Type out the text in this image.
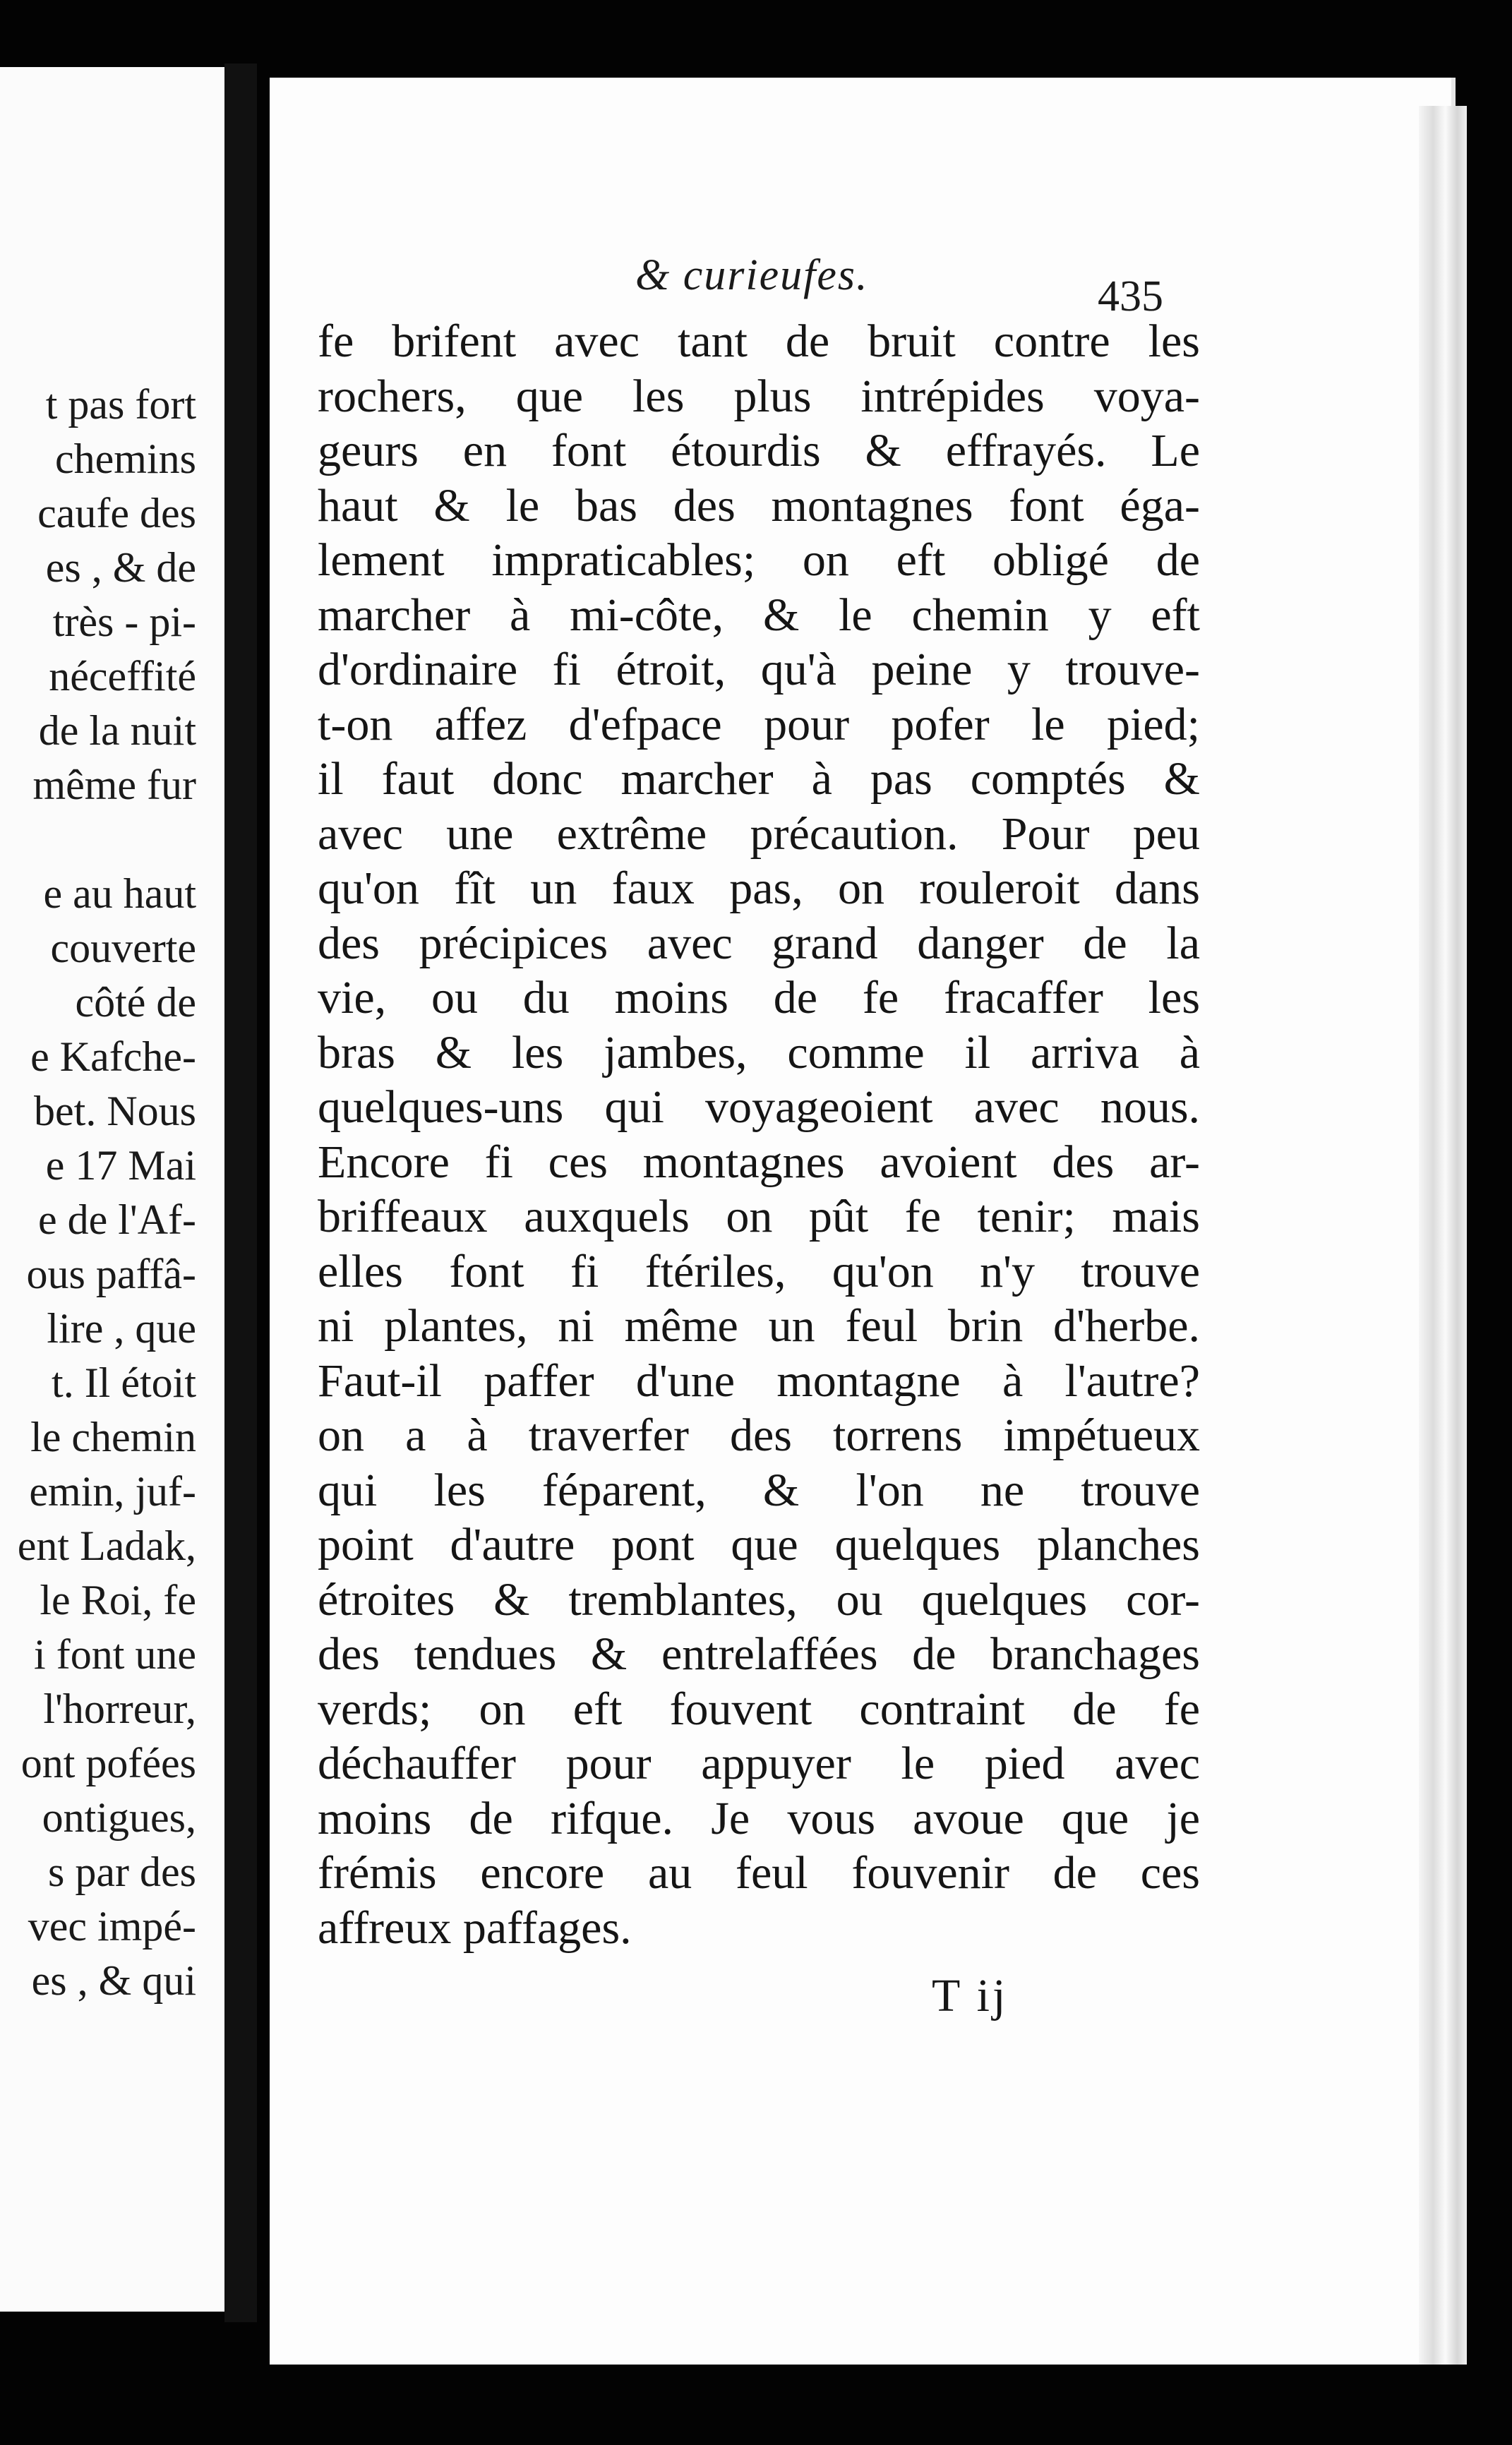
t pas fort
chemins
caufe des
es , & de
très - pi-
néceffité
de la nuit
même fur
e au haut
couverte
côté de
e Kafche-
bet. Nous
e 17 Mai
e de l'Af-
ous paffâ-
lire , que
t. Il étoit
le chemin
emin, juf-
ent Ladak,
le Roi, fe
i font une
l'horreur,
ont pofées
ontigues,
s par des
vec impé-
es , & qui
& curieufes.	435
fe brifent avec tant de bruit contre les
rochers, que les plus intrépides voya-
geurs en font étourdis & effrayés. Le
haut & le bas des montagnes font éga-
lement impraticables; on eft obligé de
marcher à mi-côte, & le chemin y eft
d'ordinaire fi étroit, qu'à peine y trouve-
t-on affez d'efpace pour pofer le pied;
il faut donc marcher à pas comptés &
avec une extrême précaution. Pour peu
qu'on fît un faux pas, on rouleroit dans
des précipices avec grand danger de la
vie, ou du moins de fe fracaffer les
bras & les jambes, comme il arriva à
quelques-uns qui voyageoient avec nous.
Encore fi ces montagnes avoient des ar-
briffeaux auxquels on pût fe tenir; mais
elles font fi ftériles, qu'on n'y trouve
ni plantes, ni même un feul brin d'herbe.
Faut-il paffer d'une montagne à l'autre?
on a à traverfer des torrens impétueux
qui les féparent, & l'on ne trouve
point d'autre pont que quelques planches
étroites & tremblantes, ou quelques cor-
des tendues & entrelaffées de branchages
verds; on eft fouvent contraint de fe
déchauffer pour appuyer le pied avec
moins de rifque. Je vous avoue que je
frémis encore au feul fouvenir de ces
affreux paffages.
T ij
